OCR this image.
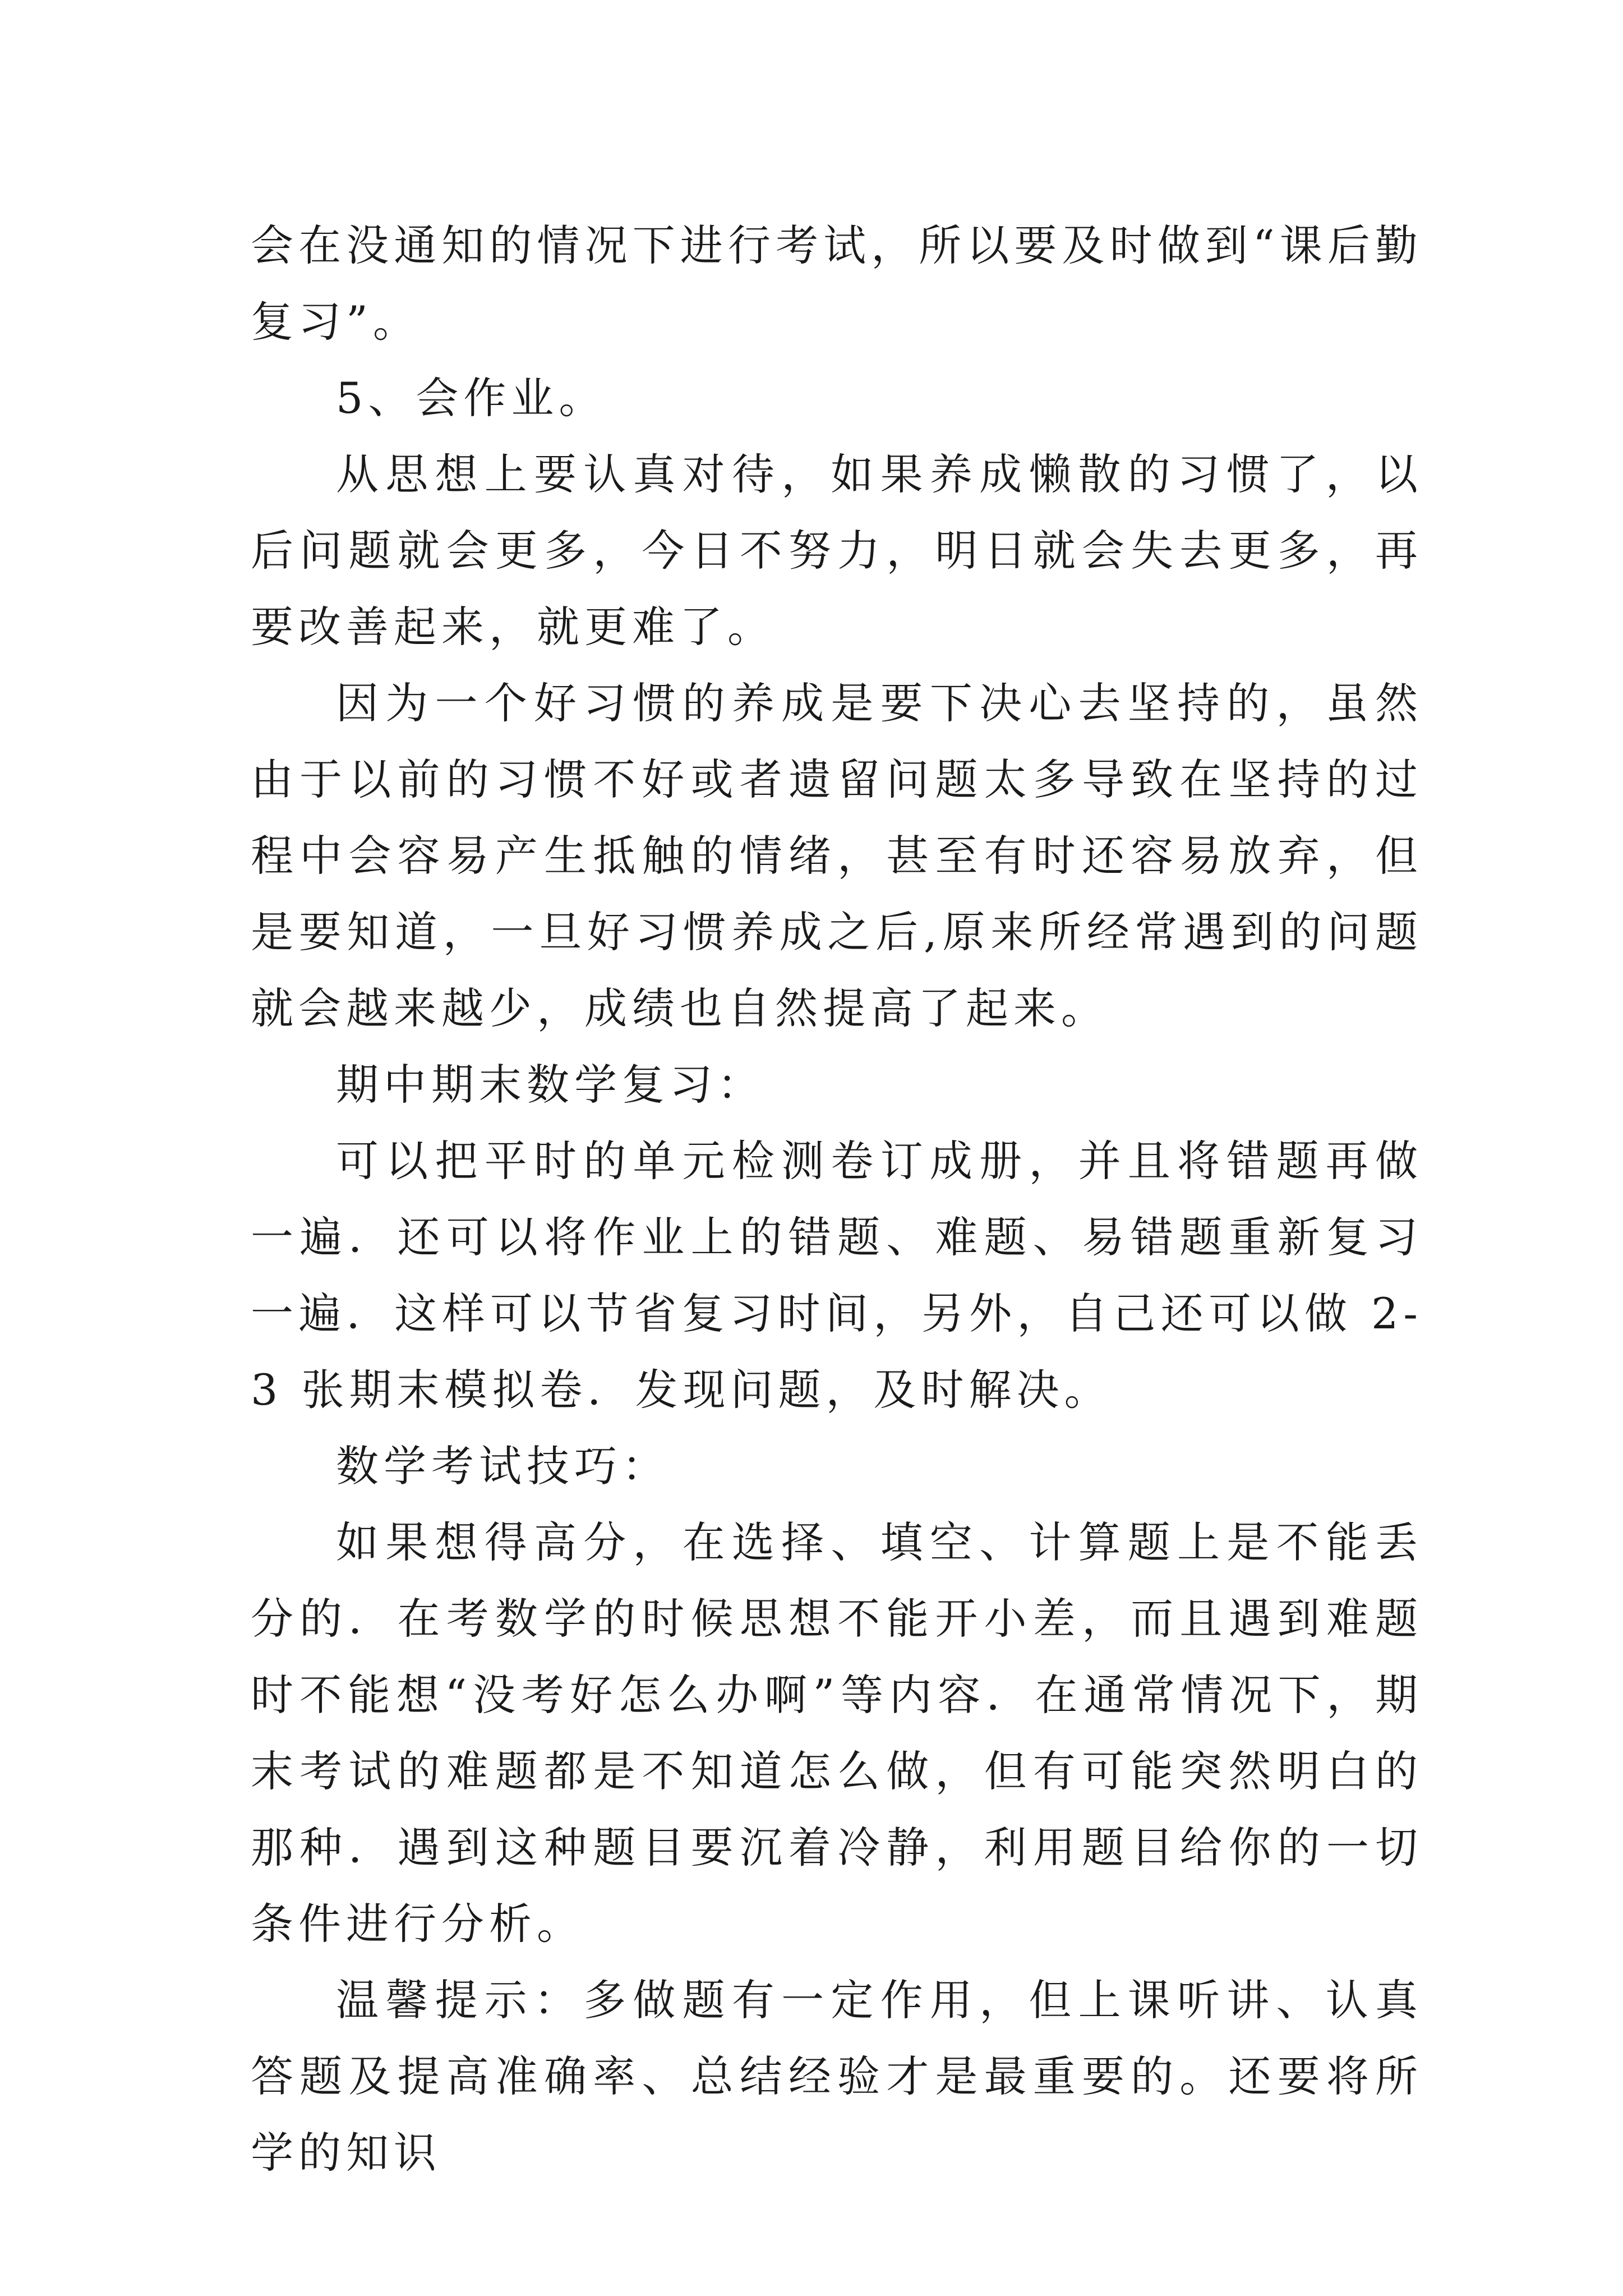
会在没通知的情况下进行考试，所以要及时做到“课后勤复习”。

5、会作业。

从思想上要认真对待，如果养成懒散的习惯了，以后问题就会更多，今日不努力，明日就会失去更多，再要改善起来，就更难了。

因为一个好习惯的养成是要下决心去坚持的，虽然由于以前的习惯不好或者遗留问题太多导致在坚持的过程中会容易产生抵触的情绪，甚至有时还容易放弃，但是要知道，一旦好习惯养成之后,原来所经常遇到的问题就会越来越少，成绩也自然提高了起来。

期中期末数学复习：

可以把平时的单元检测卷订成册，并且将错题再做一遍．还可以将作业上的错题、难题、易错题重新复习一遍．这样可以节省复习时间，另外，自己还可以做 2-3 张期末模拟卷．发现问题，及时解决。

数学考试技巧：

如果想得高分，在选择、填空、计算题上是不能丢分的．在考数学的时候思想不能开小差，而且遇到难题时不能想“没考好怎么办啊”等内容．在通常情况下，期末考试的难题都是不知道怎么做，但有可能突然明白的那种．遇到这种题目要沉着冷静，利用题目给你的一切条件进行分析。

温馨提示：多做题有一定作用，但上课听讲、认真答题及提高准确率、总结经验才是最重要的。还要将所学的知识
